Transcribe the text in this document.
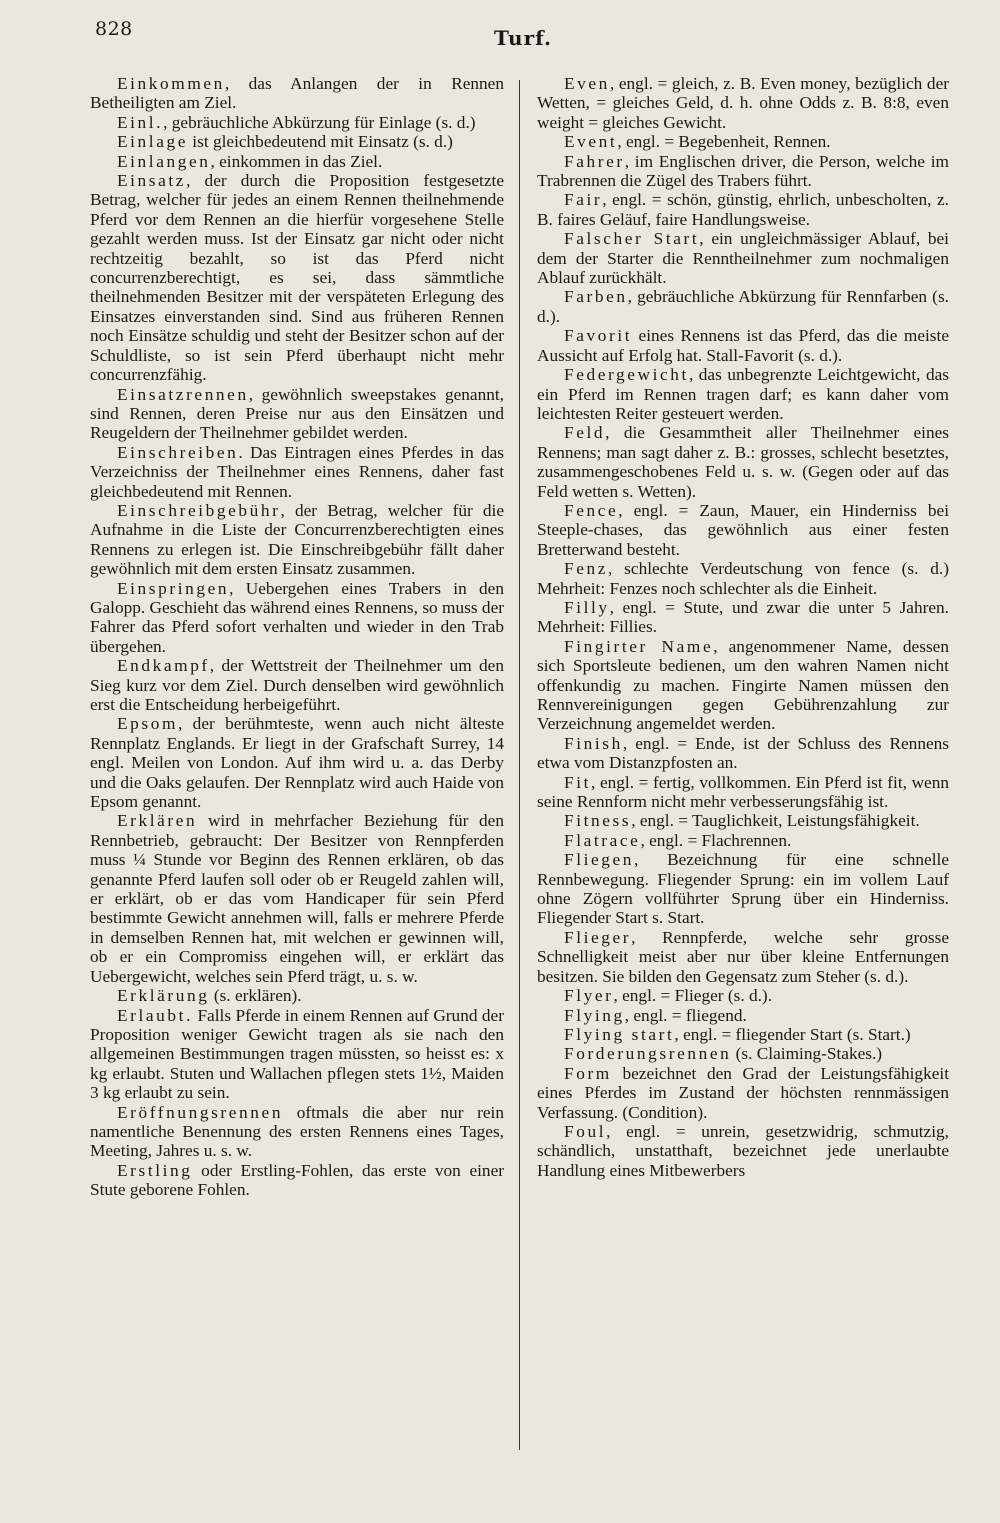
828	Turf.

Einkommen, das Anlangen der in Rennen Betheiligten am Ziel.

Einl., gebräuchliche Abkürzung für Einlage (s. d.)

Einlage ist gleichbedeutend mit Einsatz (s. d.)

Einlangen, einkommen in das Ziel.

Einsatz, der durch die Proposition festgesetzte Betrag, welcher für jedes an einem Rennen theilnehmende Pferd vor dem Rennen an die hierfür vorgesehene Stelle gezahlt werden muss. Ist der Einsatz gar nicht oder nicht rechtzeitig bezahlt, so ist das Pferd nicht concurrenzberechtigt, es sei, dass sämmtliche theilnehmenden Besitzer mit der verspäteten Erlegung des Einsatzes einverstanden sind. Sind aus früheren Rennen noch Einsätze schuldig und steht der Besitzer schon auf der Schuldliste, so ist sein Pferd überhaupt nicht mehr concurrenzfähig.

Einsatzrennen, gewöhnlich sweepstakes genannt, sind Rennen, deren Preise nur aus den Einsätzen und Reugeldern der Theilnehmer gebildet werden.

Einschreiben. Das Eintragen eines Pferdes in das Verzeichniss der Theilnehmer eines Rennens, daher fast gleichbedeutend mit Rennen.

Einschreibgebühr, der Betrag, welcher für die Aufnahme in die Liste der Concurrenzberechtigten eines Rennens zu erlegen ist. Die Einschreibgebühr fällt daher gewöhnlich mit dem ersten Einsatz zusammen.

Einspringen, Uebergehen eines Trabers in den Galopp. Geschieht das während eines Rennens, so muss der Fahrer das Pferd sofort verhalten und wieder in den Trab übergehen.

Endkampf, der Wettstreit der Theilnehmer um den Sieg kurz vor dem Ziel. Durch denselben wird gewöhnlich erst die Entscheidung herbeigeführt.

Epsom, der berühmteste, wenn auch nicht älteste Rennplatz Englands. Er liegt in der Grafschaft Surrey, 14 engl. Meilen von London. Auf ihm wird u. a. das Derby und die Oaks gelaufen. Der Rennplatz wird auch Haide von Epsom genannt.

Erklären wird in mehrfacher Beziehung für den Rennbetrieb, gebraucht: Der Besitzer von Rennpferden muss ¼ Stunde vor Beginn des Rennen erklären, ob das genannte Pferd laufen soll oder ob er Reugeld zahlen will, er erklärt, ob er das vom Handicaper für sein Pferd bestimmte Gewicht annehmen will, falls er mehrere Pferde in demselben Rennen hat, mit welchen er gewinnen will, ob er ein Compromiss eingehen will, er erklärt das Uebergewicht, welches sein Pferd trägt, u. s. w.

Erklärung (s. erklären).

Erlaubt. Falls Pferde in einem Rennen auf Grund der Proposition weniger Gewicht tragen als sie nach den allgemeinen Bestimmungen tragen müssten, so heisst es: x kg erlaubt. Stuten und Wallachen pflegen stets 1½, Maiden 3 kg erlaubt zu sein.

Eröffnungsrennen oftmals die aber nur rein namentliche Benennung des ersten Rennens eines Tages, Meeting, Jahres u. s. w.

Erstling oder Erstling-Fohlen, das erste von einer Stute geborene Fohlen.

Even, engl. = gleich, z. B. Even money, bezüglich der Wetten, = gleiches Geld, d. h. ohne Odds z. B. 8:8, even weight = gleiches Gewicht.

Event, engl. = Begebenheit, Rennen.

Fahrer, im Englischen driver, die Person, welche im Trabrennen die Zügel des Trabers führt.

Fair, engl. = schön, günstig, ehrlich, unbescholten, z. B. faires Geläuf, faire Handlungsweise.

Falscher Start, ein ungleichmässiger Ablauf, bei dem der Starter die Renntheilnehmer zum nochmaligen Ablauf zurückhält.

Farben, gebräuchliche Abkürzung für Rennfarben (s. d.).

Favorit eines Rennens ist das Pferd, das die meiste Aussicht auf Erfolg hat. Stall-Favorit (s. d.).

Federgewicht, das unbegrenzte Leichtgewicht, das ein Pferd im Rennen tragen darf; es kann daher vom leichtesten Reiter gesteuert werden.

Feld, die Gesammtheit aller Theilnehmer eines Rennens; man sagt daher z. B.: grosses, schlecht besetztes, zusammengeschobenes Feld u. s. w. (Gegen oder auf das Feld wetten s. Wetten).

Fence, engl. = Zaun, Mauer, ein Hinderniss bei Steeple-chases, das gewöhnlich aus einer festen Bretterwand besteht.

Fenz, schlechte Verdeutschung von fence (s. d.) Mehrheit: Fenzes noch schlechter als die Einheit.

Filly, engl. = Stute, und zwar die unter 5 Jahren. Mehrheit: Fillies.

Fingirter Name, angenommener Name, dessen sich Sportsleute bedienen, um den wahren Namen nicht offenkundig zu machen. Fingirte Namen müssen den Rennvereinigungen gegen Gebührenzahlung zur Verzeichnung angemeldet werden.

Finish, engl. = Ende, ist der Schluss des Rennens etwa vom Distanzpfosten an.

Fit, engl. = fertig, vollkommen. Ein Pferd ist fit, wenn seine Rennform nicht mehr verbesserungsfähig ist.

Fitness, engl. = Tauglichkeit, Leistungsfähigkeit.

Flatrace, engl. = Flachrennen.

Fliegen, Bezeichnung für eine schnelle Rennbewegung. Fliegender Sprung: ein im vollem Lauf ohne Zögern vollführter Sprung über ein Hinderniss. Fliegender Start s. Start.

Flieger, Rennpferde, welche sehr grosse Schnelligkeit meist aber nur über kleine Entfernungen besitzen. Sie bilden den Gegensatz zum Steher (s. d.).

Flyer, engl. = Flieger (s. d.).

Flying, engl. = fliegend.

Flying start, engl. = fliegender Start (s. Start.)

Forderungsrennen (s. Claiming-Stakes.)

Form bezeichnet den Grad der Leistungsfähigkeit eines Pferdes im Zustand der höchsten rennmässigen Verfassung. (Condition).

Foul, engl. = unrein, gesetzwidrig, schmutzig, schändlich, unstatthaft, bezeichnet jede unerlaubte Handlung eines Mitbewerbers
